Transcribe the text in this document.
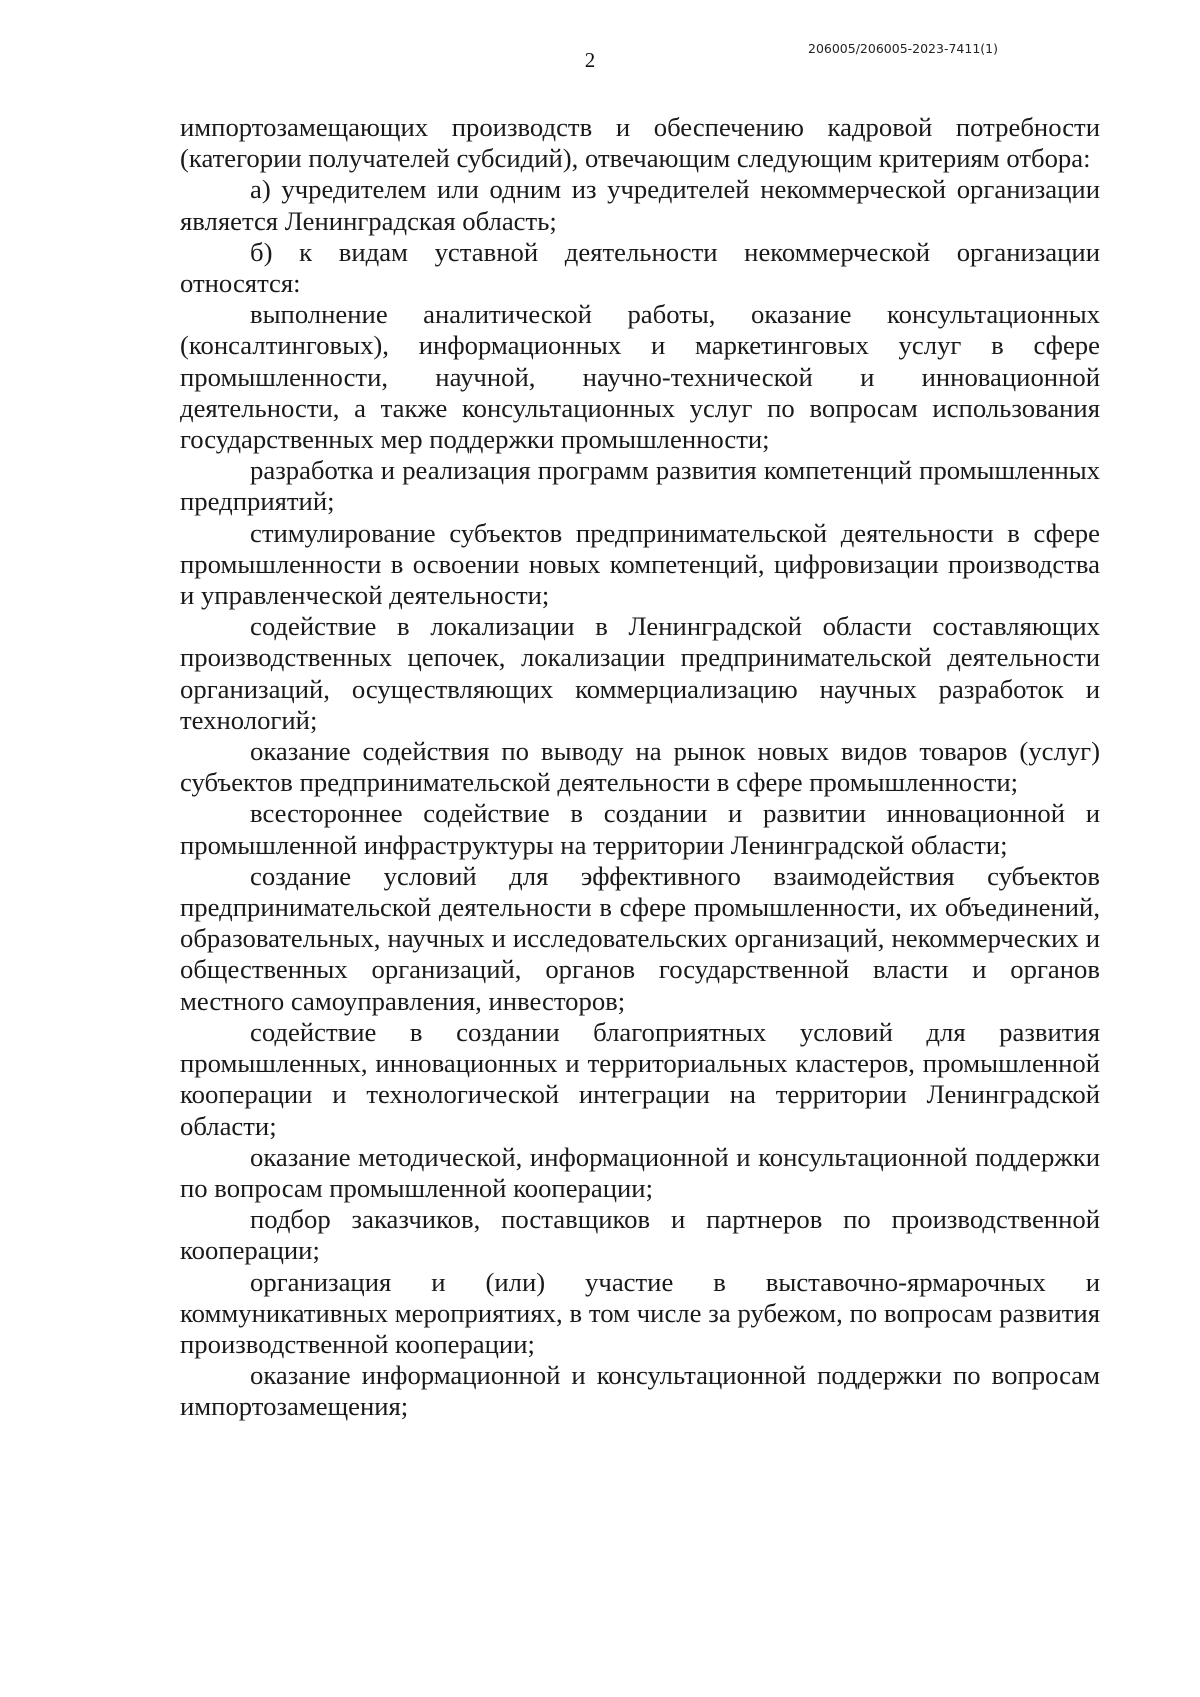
2	206005/206005-2023-7411(1)

импортозамещающих производств и обеспечению кадровой потребности (категории получателей субсидий), отвечающим следующим критериям отбора:

а) учредителем или одним из учредителей некоммерческой организации является Ленинградская область;

б) к видам уставной деятельности некоммерческой организации относятся:

выполнение аналитической работы, оказание консультационных (консалтинговых), информационных и маркетинговых услуг в сфере промышленности, научной, научно-технической и инновационной деятельности, а также консультационных услуг по вопросам использования государственных мер поддержки промышленности;

разработка и реализация программ развития компетенций промышленных предприятий;

стимулирование субъектов предпринимательской деятельности в сфере промышленности в освоении новых компетенций, цифровизации производства и управленческой деятельности;

содействие в локализации в Ленинградской области составляющих производственных цепочек, локализации предпринимательской деятельности организаций, осуществляющих коммерциализацию научных разработок и технологий;

оказание содействия по выводу на рынок новых видов товаров (услуг) субъектов предпринимательской деятельности в сфере промышленности;

всестороннее содействие в создании и развитии инновационной и промышленной инфраструктуры на территории Ленинградской области;

создание условий для эффективного взаимодействия субъектов предпринимательской деятельности в сфере промышленности, их объединений, образовательных, научных и исследовательских организаций, некоммерческих и общественных организаций, органов государственной власти и органов местного самоуправления, инвесторов;

содействие в создании благоприятных условий для развития промышленных, инновационных и территориальных кластеров, промышленной кооперации и технологической интеграции на территории Ленинградской области;

оказание методической, информационной и консультационной поддержки по вопросам промышленной кооперации;

подбор заказчиков, поставщиков и партнеров по производственной кооперации;

организация и (или) участие в выставочно-ярмарочных и коммуникативных мероприятиях, в том числе за рубежом, по вопросам развития производственной кооперации;

оказание информационной и консультационной поддержки по вопросам импортозамещения;
